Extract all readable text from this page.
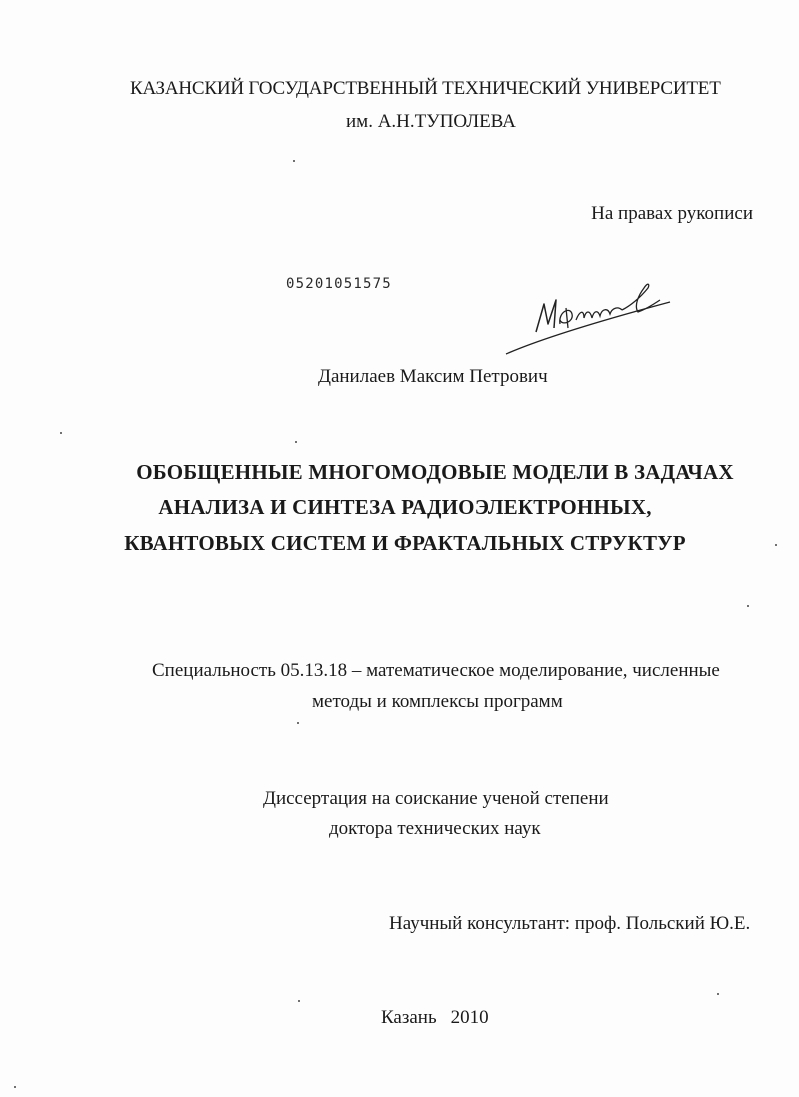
КАЗАНСКИЙ ГОСУДАРСТВЕННЫЙ ТЕХНИЧЕСКИЙ УНИВЕРСИТЕТ
им. А.Н.ТУПОЛЕВА
На правах рукописи
05201051575
Данилаев Максим Петрович
ОБОБЩЕННЫЕ МНОГОМОДОВЫЕ МОДЕЛИ В ЗАДАЧАХ
АНАЛИЗА И СИНТЕЗА РАДИОЭЛЕКТРОННЫХ,
КВАНТОВЫХ СИСТЕМ И ФРАКТАЛЬНЫХ СТРУКТУР
Специальность 05.13.18 – математическое моделирование, численные
методы и комплексы программ
Диссертация на соискание ученой степени
доктора технических наук
Научный консультант: проф. Польский Ю.Е.
Казань 2010
